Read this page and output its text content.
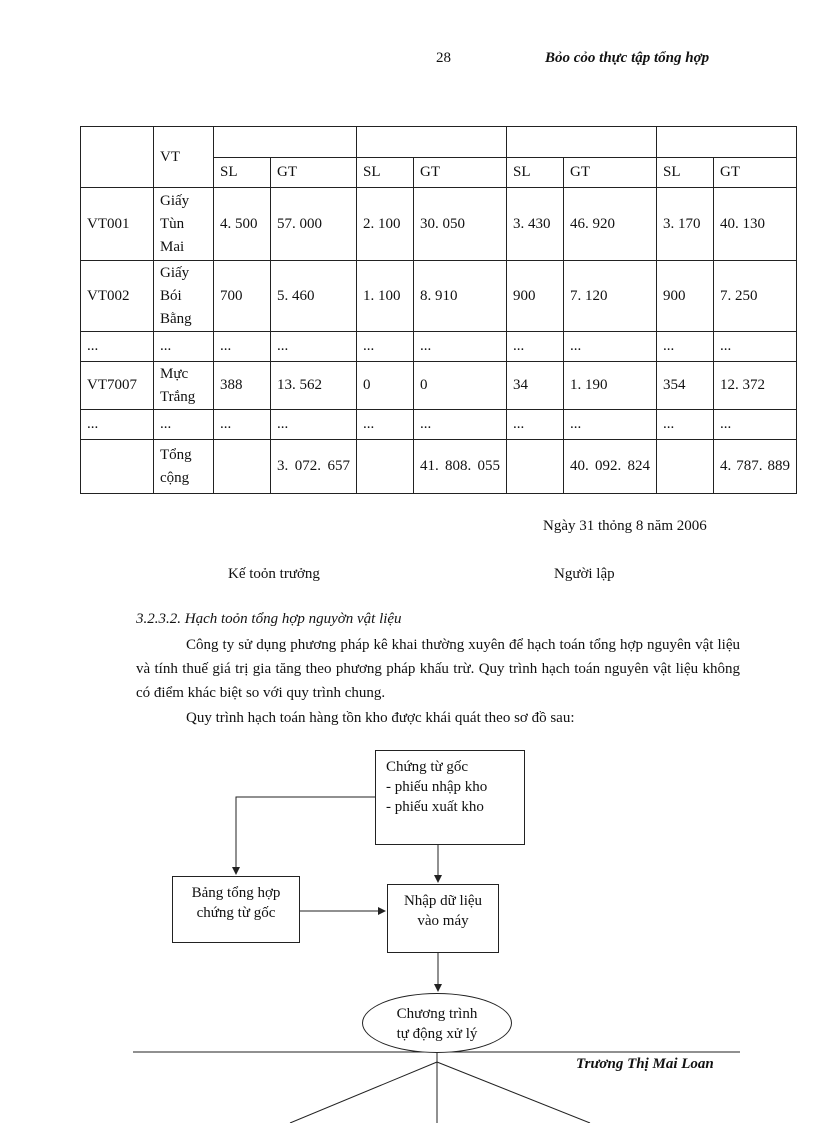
28	Bỏo cỏo thực tập tổng hợp
	VT								
		SL	GT	SL	GT	SL	GT	SL	GT
VT001	Giấy Tùn Mai	4. 500	57. 000	2. 100	30. 050	3. 430	46. 920	3. 170	40. 130
VT002	Giấy Bói Bằng	700	5. 460	1. 100	8. 910	900	7. 120	900	7. 250
...	...	...	...	...	...	...	...	...	...
VT7007	Mực Trắng	388	13. 562	0	0	34	1. 190	354	12. 372
...	...	...	...	...	...	...	...	...	...
	Tổng cộng		3. 072. 657		41. 808. 055		40. 092. 824		4. 787. 889
Ngày 31 thỏng 8 năm 2006
Kế toỏn trưởng	Người lập
3.2.3.2. Hạch toỏn tổng hợp nguyờn vật liệu
Công ty sử dụng phương pháp kê khai thường xuyên để hạch toán tổng hợp nguyên vật liệu và tính thuế giá trị gia tăng theo phương pháp khấu trừ. Quy trình hạch toán nguyên vật liệu không có điểm khác biệt so với quy trình chung.
Quy trình hạch toán hàng tồn kho được khái quát theo sơ đồ sau:
Chứng từ gốc
- phiếu nhập kho
- phiếu xuất kho
Bảng tổng hợp
chứng từ gốc
Nhập dữ liệu
vào máy
Chương trình
tự động xử lý
Trương Thị Mai Loan
